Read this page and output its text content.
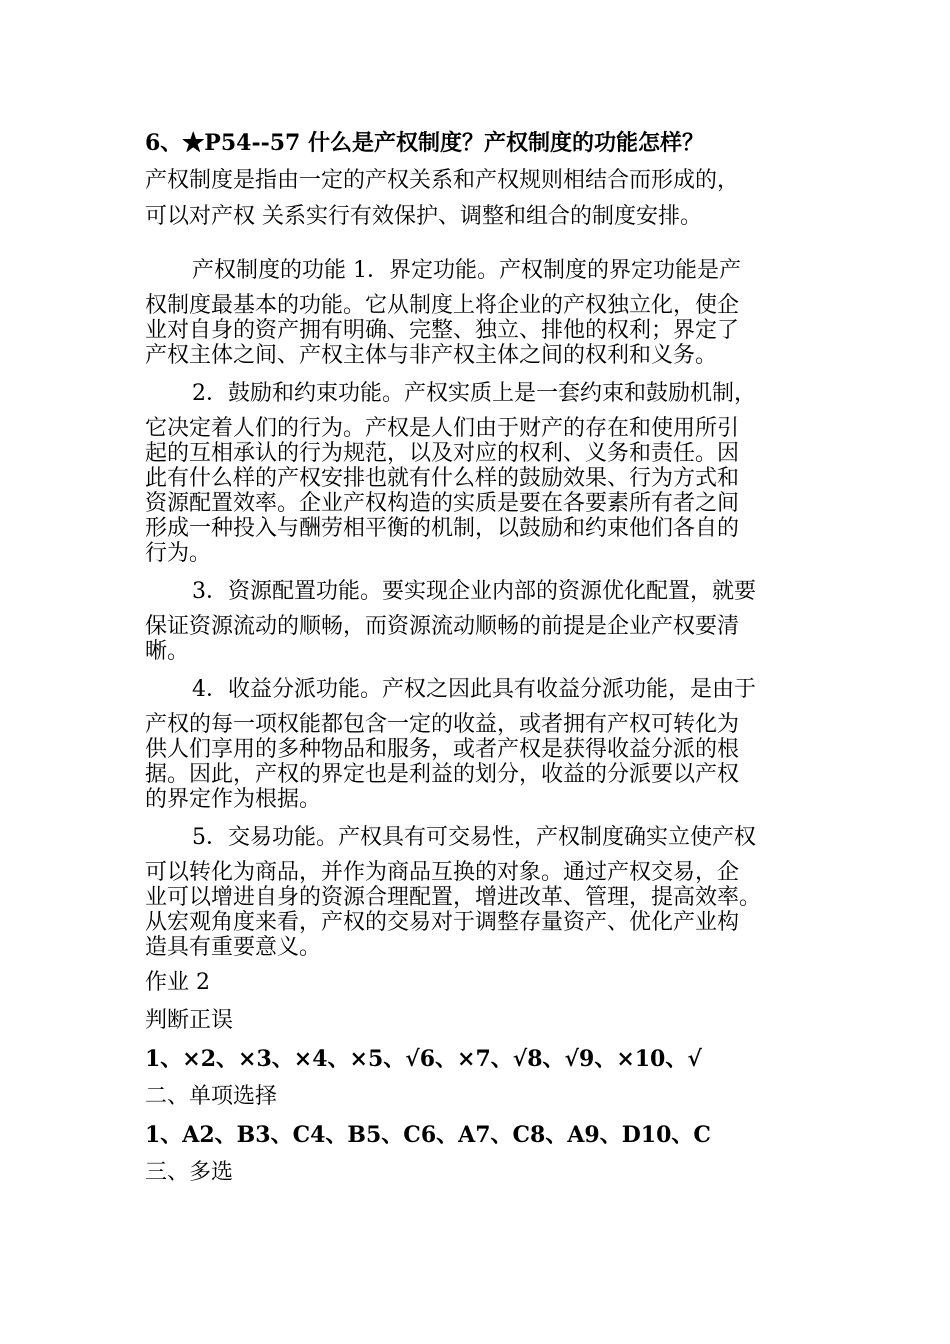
6、★P54--57 什么是产权制度？产权制度的功能怎样？
产权制度是指由一定的产权关系和产权规则相结合而形成的，
可以对产权 关系实行有效保护、调整和组合的制度安排。
产权制度的功能 1．界定功能。产权制度的界定功能是产
权制度最基本的功能。它从制度上将企业的产权独立化，使企
业对自身的资产拥有明确、完整、独立、排他的权利；界定了
产权主体之间、产权主体与非产权主体之间的权利和义务。
2．鼓励和约束功能。产权实质上是一套约束和鼓励机制，
它决定着人们的行为。产权是人们由于财产的存在和使用所引
起的互相承认的行为规范，以及对应的权利、义务和责任。因
此有什么样的产权安排也就有什么样的鼓励效果、行为方式和
资源配置效率。企业产权构造的实质是要在各要素所有者之间
形成一种投入与酬劳相平衡的机制，以鼓励和约束他们各自的
行为。
3．资源配置功能。要实现企业内部的资源优化配置，就要
保证资源流动的顺畅，而资源流动顺畅的前提是企业产权要清
晰。
4．收益分派功能。产权之因此具有收益分派功能，是由于
产权的每一项权能都包含一定的收益，或者拥有产权可转化为
供人们享用的多种物品和服务，或者产权是获得收益分派的根
据。因此，产权的界定也是利益的划分，收益的分派要以产权
的界定作为根据。
5．交易功能。产权具有可交易性，产权制度确实立使产权
可以转化为商品，并作为商品互换的对象。通过产权交易，企
业可以增进自身的资源合理配置，增进改革、管理，提高效率。
从宏观角度来看，产权的交易对于调整存量资产、优化产业构
造具有重要意义。
作业 2
判断正误
1、×2、×3、×4、×5、√6、×7、√8、√9、×10、√
二、单项选择
1、A2、B3、C4、B5、C6、A7、C8、A9、D10、C
三、多选
